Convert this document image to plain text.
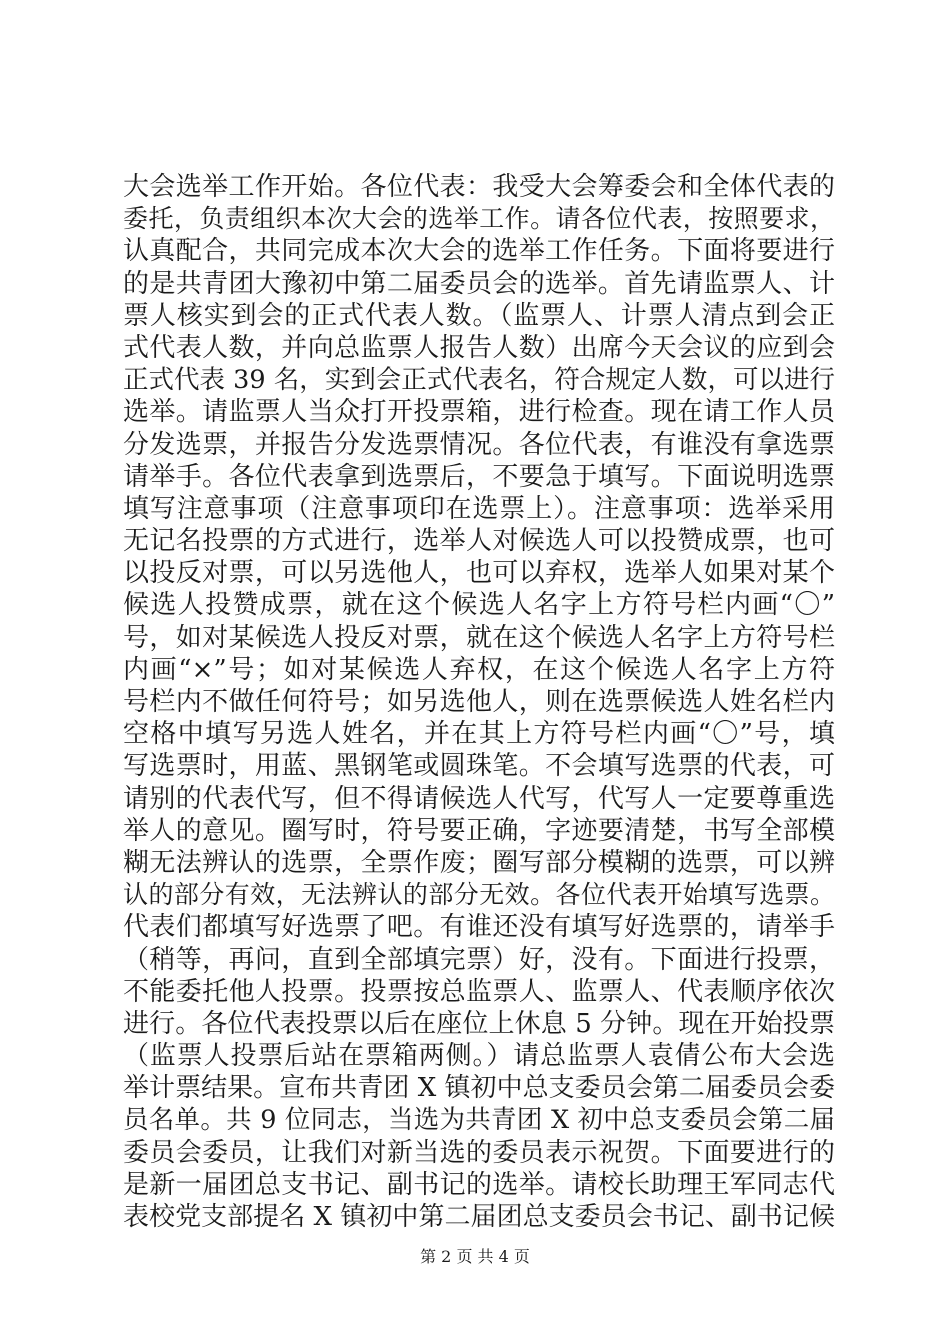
大会选举工作开始。各位代表：我受大会筹委会和全体代表的
委托，负责组织本次大会的选举工作。请各位代表，按照要求，
认真配合，共同完成本次大会的选举工作任务。下面将要进行
的是共青团大豫初中第二届委员会的选举。首先请监票人、计
票人核实到会的正式代表人数。（监票人、计票人清点到会正
式代表人数，并向总监票人报告人数）出席今天会议的应到会
正式代表 39 名，实到会正式代表名，符合规定人数，可以进行
选举。请监票人当众打开投票箱，进行检查。现在请工作人员
分发选票，并报告分发选票情况。各位代表，有谁没有拿选票
请举手。各位代表拿到选票后，不要急于填写。下面说明选票
填写注意事项（注意事项印在选票上）。注意事项：选举采用
无记名投票的方式进行，选举人对候选人可以投赞成票，也可
以投反对票，可以另选他人，也可以弃权，选举人如果对某个
候选人投赞成票，就在这个候选人名字上方符号栏内画“〇”
号，如对某候选人投反对票，就在这个候选人名字上方符号栏
内画“×”号；如对某候选人弃权，在这个候选人名字上方符
号栏内不做任何符号；如另选他人，则在选票候选人姓名栏内
空格中填写另选人姓名，并在其上方符号栏内画“〇”号，填
写选票时，用蓝、黑钢笔或圆珠笔。不会填写选票的代表，可
请别的代表代写，但不得请候选人代写，代写人一定要尊重选
举人的意见。圈写时，符号要正确，字迹要清楚，书写全部模
糊无法辨认的选票，全票作废；圈写部分模糊的选票，可以辨
认的部分有效，无法辨认的部分无效。各位代表开始填写选票。
代表们都填写好选票了吧。有谁还没有填写好选票的，请举手
（稍等，再问，直到全部填完票）好，没有。下面进行投票，
不能委托他人投票。投票按总监票人、监票人、代表顺序依次
进行。各位代表投票以后在座位上休息 5 分钟。现在开始投票
（监票人投票后站在票箱两侧。）请总监票人袁倩公布大会选
举计票结果。宣布共青团 X 镇初中总支委员会第二届委员会委
员名单。共 9 位同志，当选为共青团 X 初中总支委员会第二届
委员会委员，让我们对新当选的委员表示祝贺。下面要进行的
是新一届团总支书记、副书记的选举。请校长助理王军同志代
表校党支部提名 X 镇初中第二届团总支委员会书记、副书记候
第 2 页 共 4 页
